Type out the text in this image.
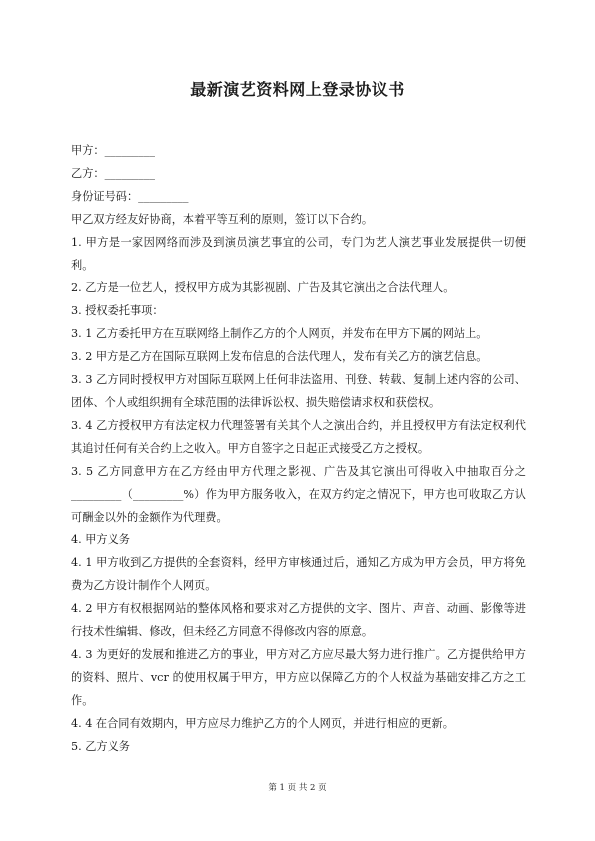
最新演艺资料网上登录协议书

甲方：_________

乙方：_________

身份证号码：_________

甲乙双方经友好协商，本着平等互利的原则，签订以下合约。

1. 甲方是一家因网络而涉及到演员演艺事宜的公司，专门为艺人演艺事业发展提供一切便利。

2. 乙方是一位艺人，授权甲方成为其影视剧、广告及其它演出之合法代理人。

3. 授权委托事项：

3. 1 乙方委托甲方在互联网络上制作乙方的个人网页，并发布在甲方下属的网站上。

3. 2 甲方是乙方在国际互联网上发布信息的合法代理人，发布有关乙方的演艺信息。

3. 3 乙方同时授权甲方对国际互联网上任何非法盗用、刊登、转载、复制上述内容的公司、团体、个人或组织拥有全球范围的法律诉讼权、损失赔偿请求权和获偿权。

3. 4 乙方授权甲方有法定权力代理签署有关其个人之演出合约，并且授权甲方有法定权利代其追讨任何有关合约上之收入。甲方自签字之日起正式接受乙方之授权。

3. 5 乙方同意甲方在乙方经由甲方代理之影视、广告及其它演出可得收入中抽取百分之_________（_________%）作为甲方服务收入，在双方约定之情况下，甲方也可收取乙方认可酬金以外的金额作为代理费。

4. 甲方义务

4. 1 甲方收到乙方提供的全套资料，经甲方审核通过后，通知乙方成为甲方会员，甲方将免费为乙方设计制作个人网页。

4. 2 甲方有权根据网站的整体风格和要求对乙方提供的文字、图片、声音、动画、影像等进行技术性编辑、修改，但未经乙方同意不得修改内容的原意。

4. 3 为更好的发展和推进乙方的事业，甲方对乙方应尽最大努力进行推广。乙方提供给甲方的资料、照片、vcr 的使用权属于甲方，甲方应以保障乙方的个人权益为基础安排乙方之工作。

4. 4 在合同有效期内，甲方应尽力维护乙方的个人网页，并进行相应的更新。

5. 乙方义务

第 1 页 共 2 页
